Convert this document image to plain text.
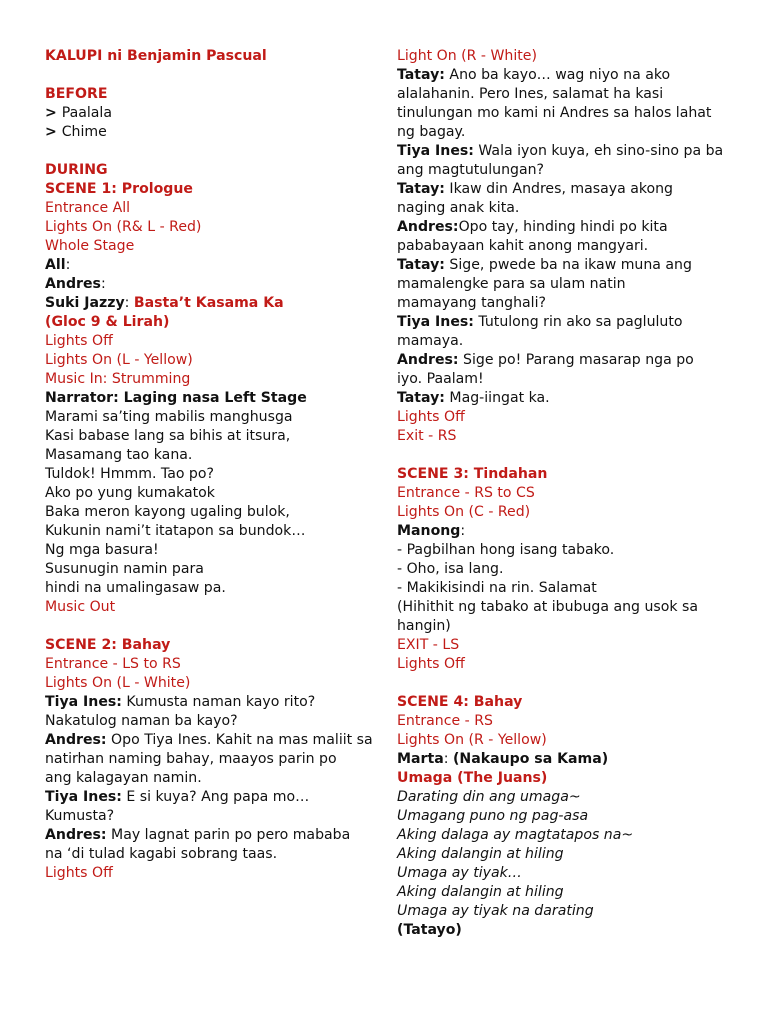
KALUPI ni Benjamin Pascual
BEFORE
> Paalala
> Chime
DURING
SCENE 1: Prologue
Entrance All
Lights On (R& L - Red)
Whole Stage
All:
Andres:
Suki Jazzy: Basta’t Kasama Ka
(Gloc 9 & Lirah)
Lights Off
Lights On (L - Yellow)
Music In: Strumming
Narrator: Laging nasa Left Stage
Marami sa’ting mabilis manghusga
Kasi babase lang sa bihis at itsura,
Masamang tao kana.
Tuldok! Hmmm. Tao po?
Ako po yung kumakatok
Baka meron kayong ugaling bulok,
Kukunin nami’t itatapon sa bundok…
Ng mga basura!
Susunugin namin para
hindi na umalingasaw pa.
Music Out
SCENE 2: Bahay
Entrance - LS to RS
Lights On (L - White)
Tiya Ines: Kumusta naman kayo rito?
Nakatulog naman ba kayo?
Andres: Opo Tiya Ines. Kahit na mas maliit sa
natirhan naming bahay, maayos parin po
ang kalagayan namin.
Tiya Ines: E si kuya? Ang papa mo…
Kumusta?
Andres: May lagnat parin po pero mababa
na ‘di tulad kagabi sobrang taas.
Lights Off
Light On (R - White)
Tatay: Ano ba kayo… wag niyo na ako
alalahanin. Pero Ines, salamat ha kasi
tinulungan mo kami ni Andres sa halos lahat
ng bagay.
Tiya Ines: Wala iyon kuya, eh sino-sino pa ba
ang magtutulungan?
Tatay: Ikaw din Andres, masaya akong
naging anak kita.
Andres:Opo tay, hinding hindi po kita
pababayaan kahit anong mangyari.
Tatay: Sige, pwede ba na ikaw muna ang
mamalengke para sa ulam natin
mamayang tanghali?
Tiya Ines: Tutulong rin ako sa pagluluto
mamaya.
Andres: Sige po! Parang masarap nga po
iyo. Paalam!
Tatay: Mag-iingat ka.
Lights Off
Exit - RS
SCENE 3: Tindahan
Entrance - RS to CS
Lights On (C - Red)
Manong:
- Pagbilhan hong isang tabako.
- Oho, isa lang.
- Makikisindi na rin. Salamat
(Hihithit ng tabako at ibubuga ang usok sa
hangin)
EXIT - LS
Lights Off
SCENE 4: Bahay
Entrance - RS
Lights On (R - Yellow)
Marta: (Nakaupo sa Kama)
Umaga (The Juans)
Darating din ang umaga~
Umagang puno ng pag-asa
Aking dalaga ay magtatapos na~
Aking dalangin at hiling
Umaga ay tiyak…
Aking dalangin at hiling
Umaga ay tiyak na darating
(Tatayo)
